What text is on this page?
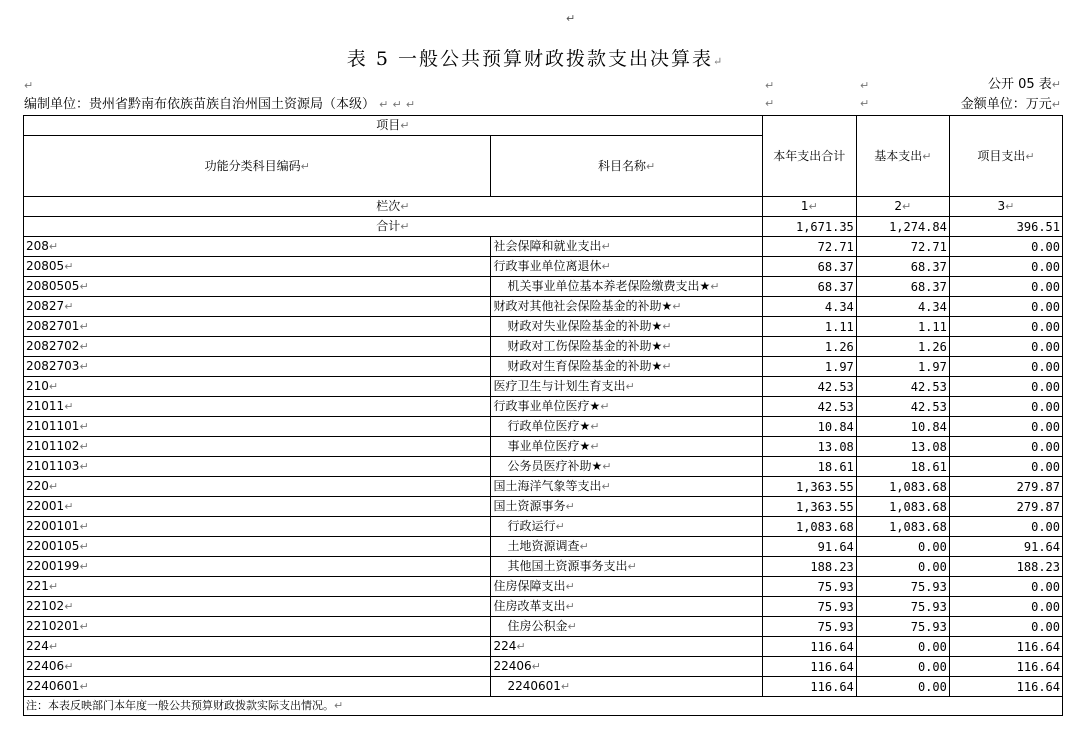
↵
表 5 一般公共预算财政拨款支出决算表↵
↵	↵	↵
↵	↵
公开 05 表↵
编制单位：贵州省黔南布依族苗族自治州国土资源局（本级） ↵ ↵ ↵	金额单位：万元↵
项目↵		本年支出合计	基本支出↵	项目支出↵
功能分类科目编码↵	科目名称↵			
栏次↵		1↵	2↵	3↵
合计↵		1,671.35	1,274.84	396.51
208↵	社会保障和就业支出↵	72.71	72.71	0.00
20805↵	行政事业单位离退休↵	68.37	68.37	0.00
2080505↵	机关事业单位基本养老保险缴费支出★↵	68.37	68.37	0.00
20827↵	财政对其他社会保险基金的补助★↵	4.34	4.34	0.00
2082701↵	财政对失业保险基金的补助★↵	1.11	1.11	0.00
2082702↵	财政对工伤保险基金的补助★↵	1.26	1.26	0.00
2082703↵	财政对生育保险基金的补助★↵	1.97	1.97	0.00
210↵	医疗卫生与计划生育支出↵	42.53	42.53	0.00
21011↵	行政事业单位医疗★↵	42.53	42.53	0.00
2101101↵	行政单位医疗★↵	10.84	10.84	0.00
2101102↵	事业单位医疗★↵	13.08	13.08	0.00
2101103↵	公务员医疗补助★↵	18.61	18.61	0.00
220↵	国土海洋气象等支出↵	1,363.55	1,083.68	279.87
22001↵	国土资源事务↵	1,363.55	1,083.68	279.87
2200101↵	行政运行↵	1,083.68	1,083.68	0.00
2200105↵	土地资源调查↵	91.64	0.00	91.64
2200199↵	其他国土资源事务支出↵	188.23	0.00	188.23
221↵	住房保障支出↵	75.93	75.93	0.00
22102↵	住房改革支出↵	75.93	75.93	0.00
2210201↵	住房公积金↵	75.93	75.93	0.00
224↵	224↵	116.64	0.00	116.64
22406↵	22406↵	116.64	0.00	116.64
2240601↵	2240601↵	116.64	0.00	116.64
注：本表反映部门本年度一般公共预算财政拨款实际支出情况。↵				
